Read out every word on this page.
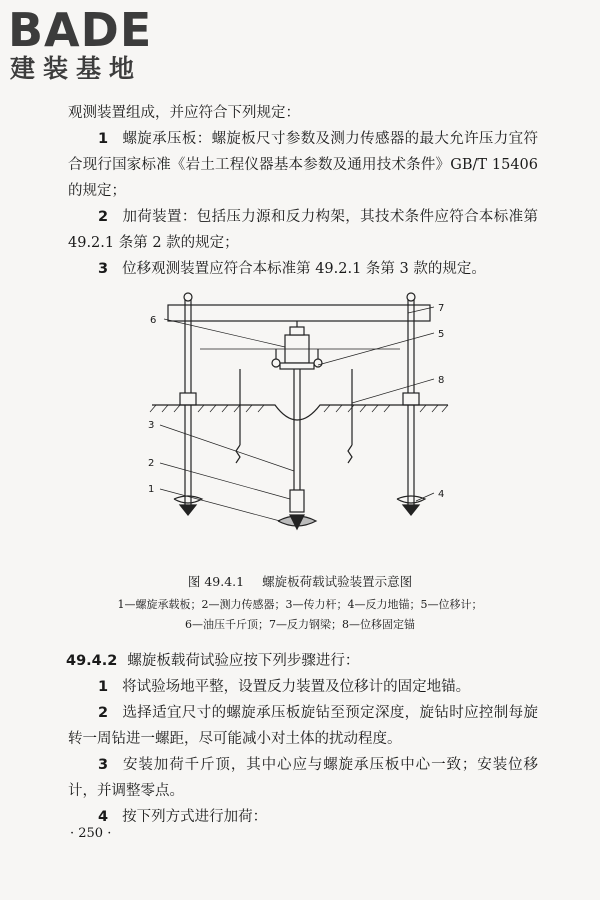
BADE
建装基地

观测装置组成，并应符合下列规定：

1 螺旋承压板：螺旋板尺寸参数及测力传感器的最大允许压力宜符合现行国家标准《岩土工程仪器基本参数及通用技术条件》GB/T 15406 的规定；

2 加荷装置：包括压力源和反力构架，其技术条件应符合本标准第 49.2.1 条第 2 款的规定；

3 位移观测装置应符合本标准第 49.2.1 条第 3 款的规定。

6
7
5
8
3
2
1	4
图 49.4.1 螺旋板荷载试验装置示意图
1—螺旋承载板；2—测力传感器；3—传力杆；4—反力地锚；5—位移计；
6—油压千斤顶；7—反力钢梁；8—位移固定锚

49.4.2 螺旋板载荷试验应按下列步骤进行：

1 将试验场地平整，设置反力装置及位移计的固定地锚。

2 选择适宜尺寸的螺旋承压板旋钻至预定深度，旋钻时应控制每旋转一周钻进一螺距，尽可能减小对土体的扰动程度。

3 安装加荷千斤顶，其中心应与螺旋承压板中心一致；安装位移计，并调整零点。

4 按下列方式进行加荷：

· 250 ·
